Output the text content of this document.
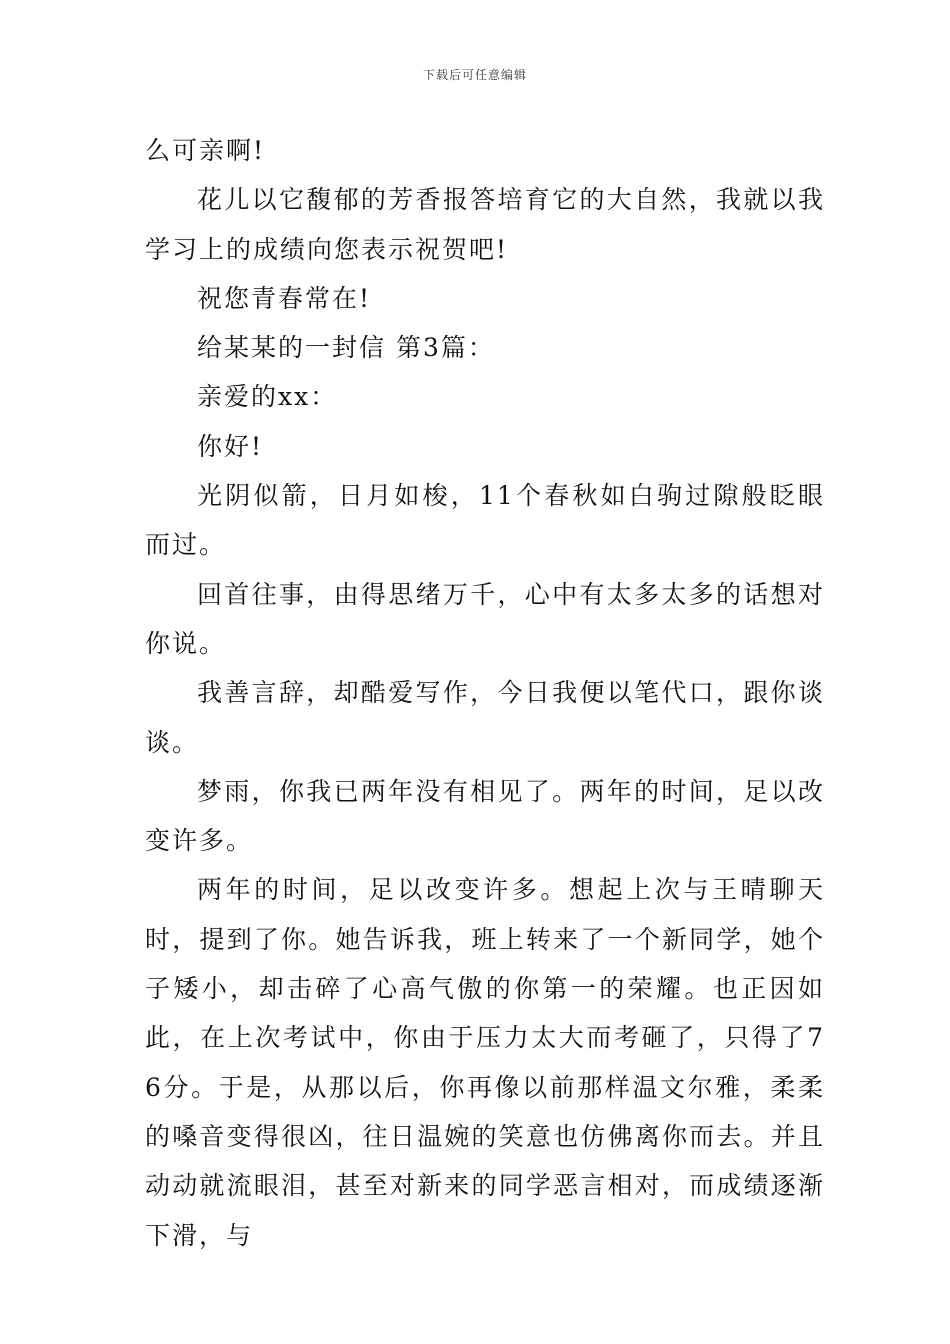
下载后可任意编辑

么可亲啊!

花儿以它馥郁的芳香报答培育它的大自然，我就以我学习上的成绩向您表示祝贺吧!

祝您青春常在!

给某某的一封信 第3篇：

亲爱的xx：

你好!

光阴似箭，日月如梭，11个春秋如白驹过隙般眨眼而过。

回首往事，由得思绪万千，心中有太多太多的话想对你说。

我善言辞，却酷爱写作，今日我便以笔代口，跟你谈谈。

梦雨，你我已两年没有相见了。两年的时间，足以改变许多。

两年的时间，足以改变许多。想起上次与王晴聊天时，提到了你。她告诉我，班上转来了一个新同学，她个子矮小，却击碎了心高气傲的你第一的荣耀。也正因如此，在上次考试中，你由于压力太大而考砸了，只得了76分。于是，从那以后，你再像以前那样温文尔雅，柔柔的嗓音变得很凶，往日温婉的笑意也仿佛离你而去。并且动动就流眼泪，甚至对新来的同学恶言相对，而成绩逐渐下滑，与
